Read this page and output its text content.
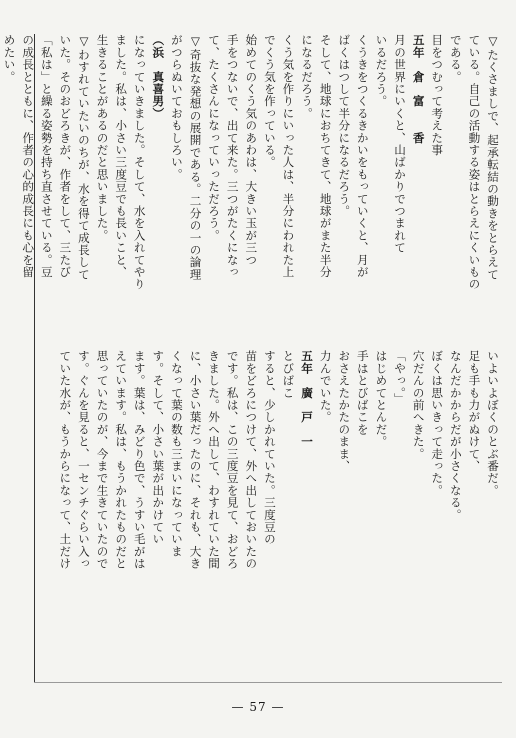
▽たくさましで、起承転結の動きをとらえて

ている。自己の活動する姿はとらえにくいもの

である。

目をつむって考えた事

五年　倉　富　　香

月の世界にいくと、山ばかりでつまれて

いるだろう。

くうきをつくるきかいをもっていくと、月が

ばくはつして半分になるだろう。

そして、地球におちてきて、地球がまた半分

になるだろう。

くう気を作りにいった人は、半分にわれた上

でくう気を作っている。

始めてのくう気のあわは、大きい玉が三つ

手をつないで、出て来た。三つがたくになっ

て、たくさんになっていっただろう。

▽奇抜な発想の展開である。二分の一の論理

がつらぬいておもしろい。

（浜　真喜男）

になっていきました。そして、水を入れてやり

ました。私は、小さい三度豆でも長いこと、

生きることがあるのだと思いました。

▽わすれていたいのちが、水を得て成長して

いた。そのおどろきが、作者をして、三たび

「私は」と繰る姿勢を持ち直させている。豆

の成長とともに、作者の心的成長にも心を留

めたい。

いよいよぼくのとぶ番だ。

足も手も力がぬけて、

なんだかからだが小さくなる。

ぼくは思いきって走った。

穴だんの前へきた。

「やっ。」

はじめてとんだ。

手はとびばこを

おさえたかたのまま、

力んでいた。

五年　廣　戸　一

とびばこ

すると、少しかれていた。三度豆の

苗をどろにつけて、外へ出しておいたの

です。私は、この三度豆を見て、おどろ

きました。外へ出して、わすれていた間

に、小さい葉だったのに、それも、大き

くなって葉の数も三まいになっていま

す。そして、小さい葉が出かけてい

ます。葉は、みどり色で、うすい毛がは

えています。私は、もうかれたものだと

思っていたのが、今まで生きていたので

す。ぐんを見ると、一センチぐらい入っ

ていた水が、もうからになって、土だけ

— 57 —
